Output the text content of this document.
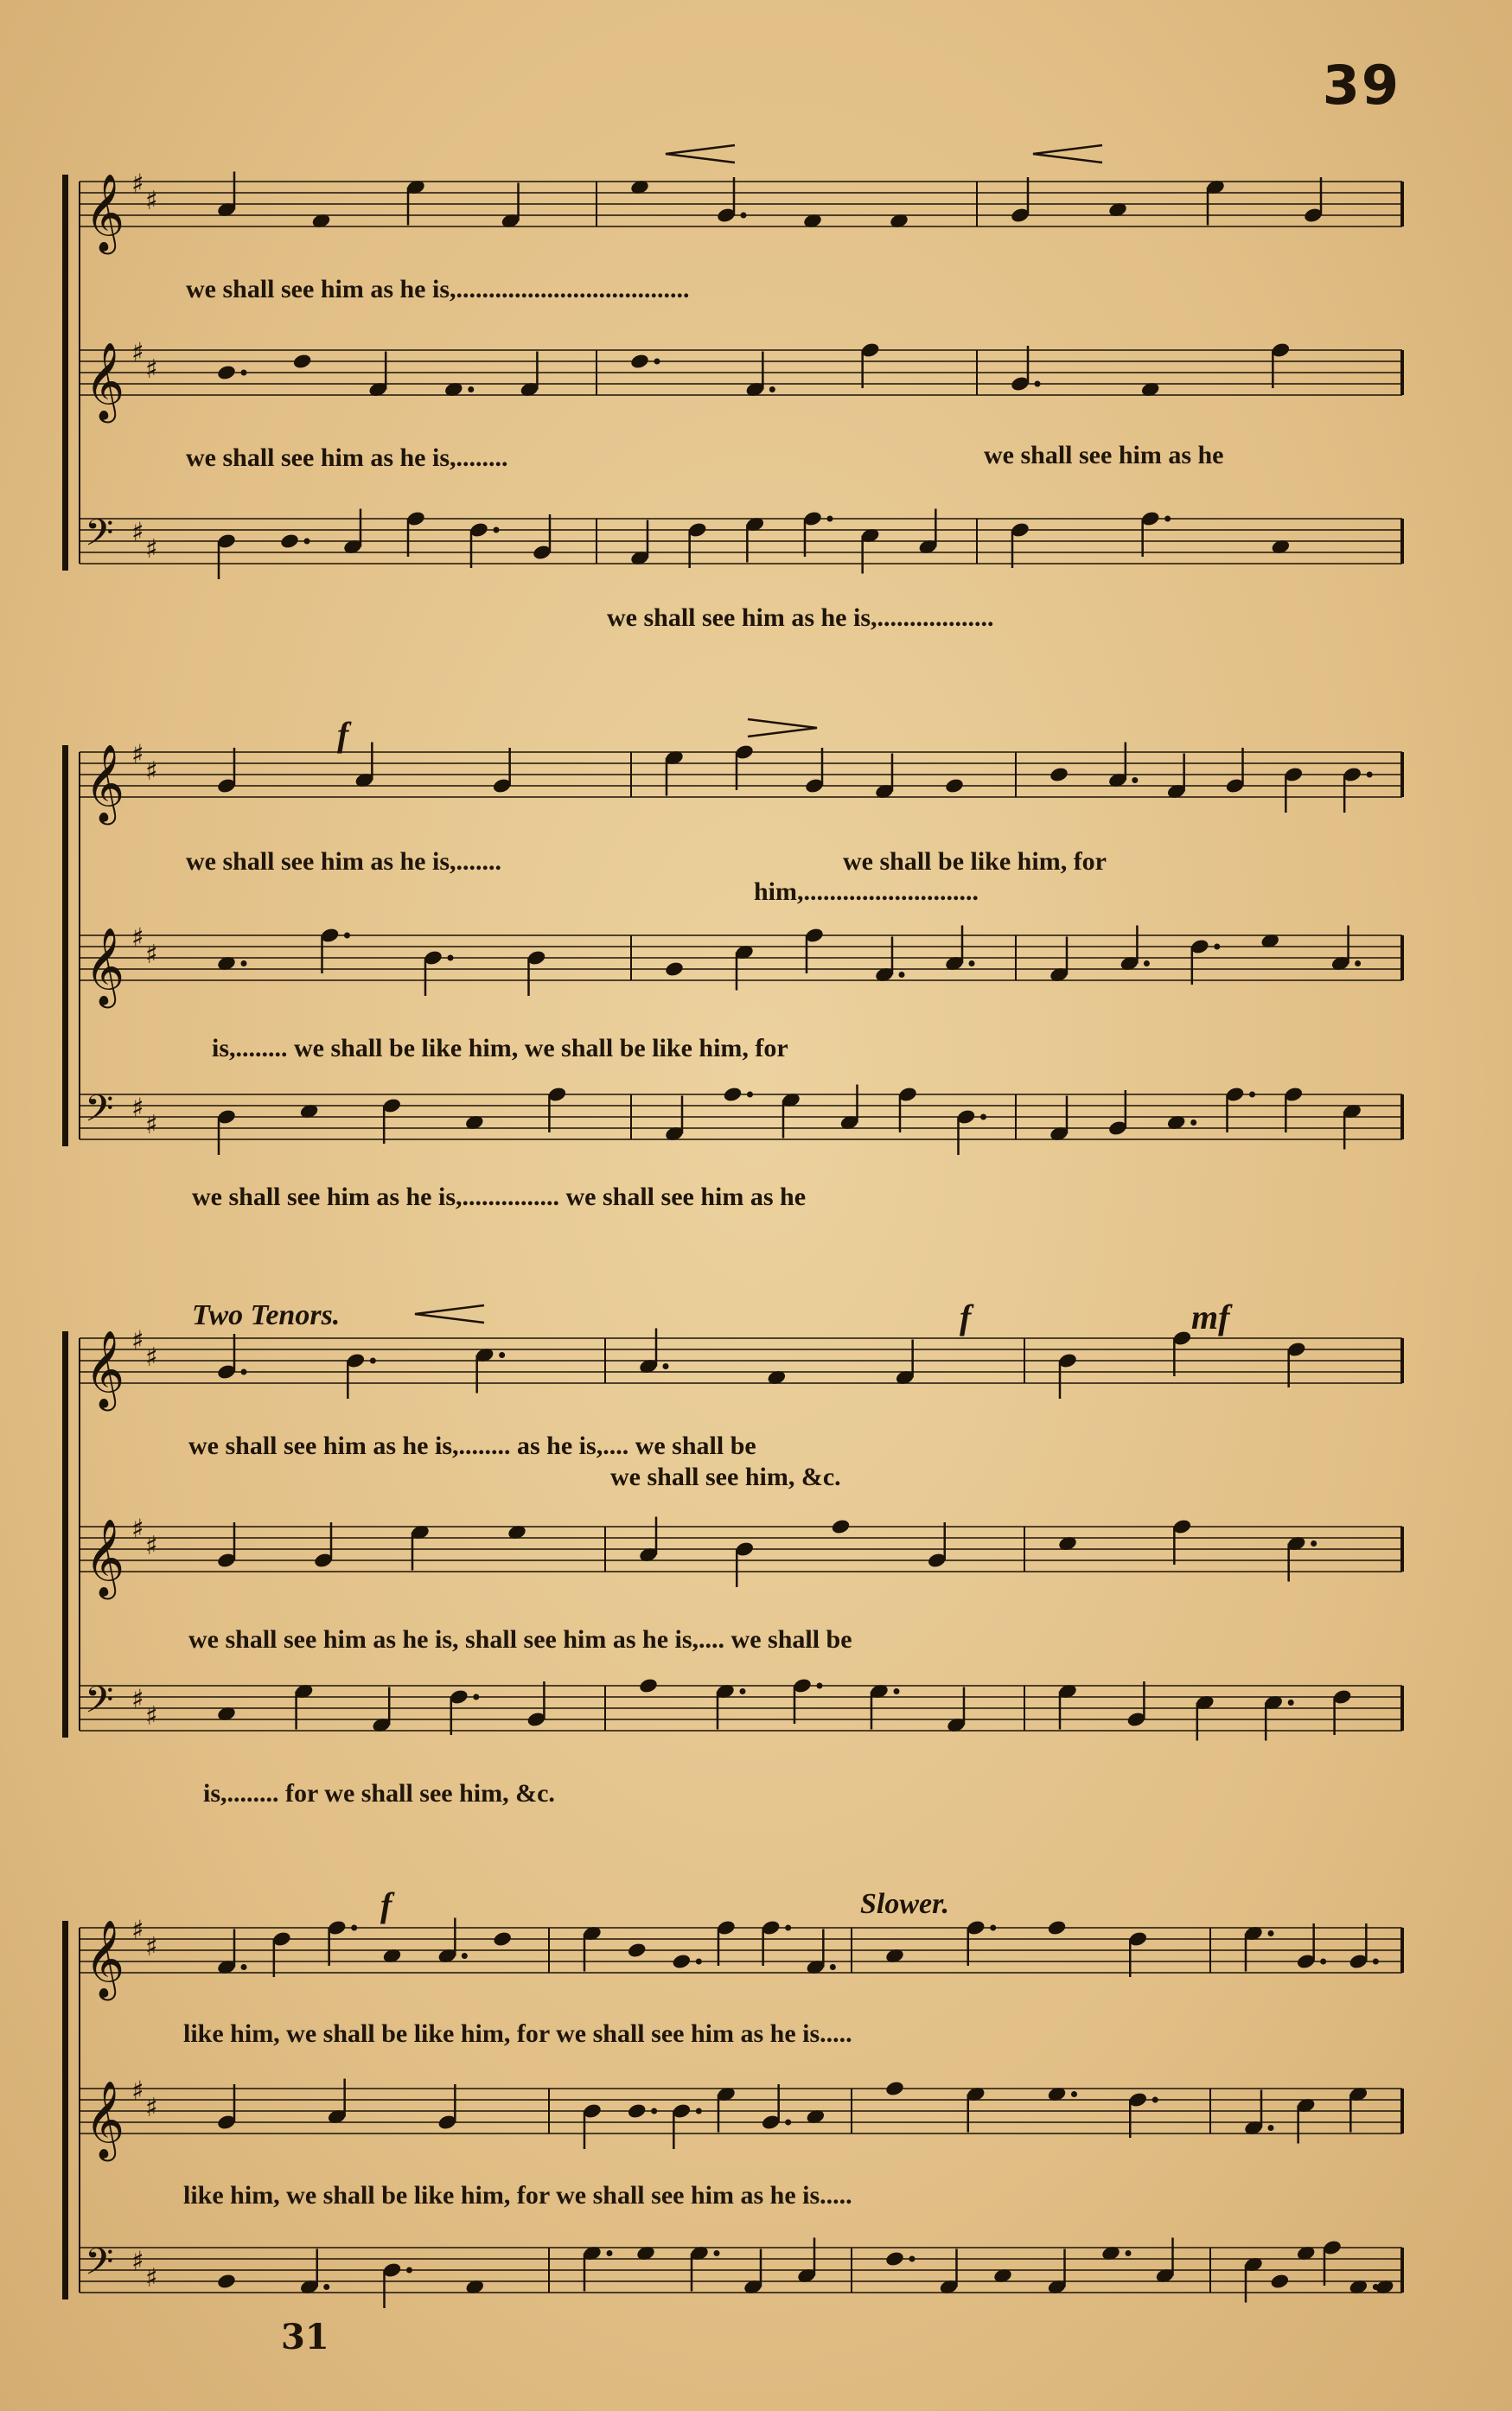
39
𝄞 ♯
♯
𝄞 ♯
♯
𝄢 ♯
♯
𝄞 ♯
♯
𝄞 ♯
♯
𝄢 ♯
♯
𝄞 ♯
♯
𝄞 ♯
♯
𝄢 ♯
♯
𝄞 ♯
♯
𝄞 ♯
♯
𝄢 ♯
♯
we shall see him as he is,....................................
we shall see him as he is,........	we shall see him as he
we shall see him as he is,..................
f
we shall see him as he is,.......	we shall be like him, for
him,...........................
is,........ we shall be like him, we shall be like him, for
we shall see him as he is,............... we shall see him as he
Two Tenors.	f	mf
we shall see him as he is,........ as he is,.... we shall be
we shall see him, &c.
we shall see him as he is, shall see him as he is,.... we shall be
is,........ for we shall see him, &c.
f	Slower.
like him, we shall be like him, for we shall see him as he is.....
like him, we shall be like him, for we shall see him as he is.....
31
